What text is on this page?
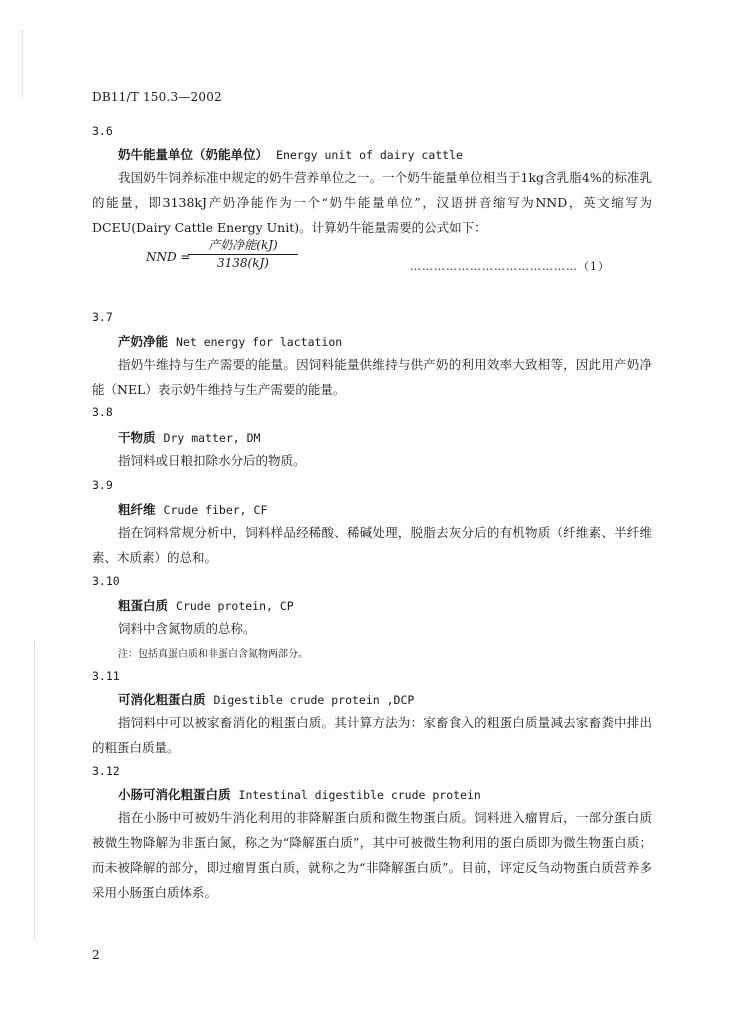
DB11/T 150.3—2002
3.6
奶牛能量单位（奶能单位） Energy unit of dairy cattle
我国奶牛饲养标准中规定的奶牛营养单位之一。一个奶牛能量单位相当于1kg含乳脂4%的标准乳的能量，即3138kJ产奶净能作为一个“奶牛能量单位”，汉语拼音缩写为NND，英文缩写为DCEU(Dairy Cattle Energy Unit)。计算奶牛能量需要的公式如下：
NND =
产奶净能(kJ)
3138(kJ)	……………………………………（1）
3.7
产奶净能 Net energy for lactation
指奶牛维持与生产需要的能量。因饲料能量供维持与供产奶的利用效率大致相等，因此用产奶净能（NEL）表示奶牛维持与生产需要的能量。
3.8
干物质 Dry matter, DM
指饲料或日粮扣除水分后的物质。
3.9
粗纤维 Crude fiber, CF
指在饲料常规分析中，饲料样品经稀酸、稀碱处理，脱脂去灰分后的有机物质（纤维素、半纤维素、木质素）的总和。
3.10
粗蛋白质 Crude protein, CP
饲料中含氮物质的总称。
注：包括真蛋白质和非蛋白含氮物两部分。
3.11
可消化粗蛋白质 Digestible crude protein ,DCP
指饲料中可以被家畜消化的粗蛋白质。其计算方法为：家畜食入的粗蛋白质量减去家畜粪中排出的粗蛋白质量。
3.12
小肠可消化粗蛋白质 Intestinal digestible crude protein
指在小肠中可被奶牛消化利用的非降解蛋白质和微生物蛋白质。饲料进入瘤胃后，一部分蛋白质被微生物降解为非蛋白氮，称之为“降解蛋白质”，其中可被微生物利用的蛋白质即为微生物蛋白质；而未被降解的部分，即过瘤胃蛋白质，就称之为“非降解蛋白质”。目前，评定反刍动物蛋白质营养多采用小肠蛋白质体系。
2
